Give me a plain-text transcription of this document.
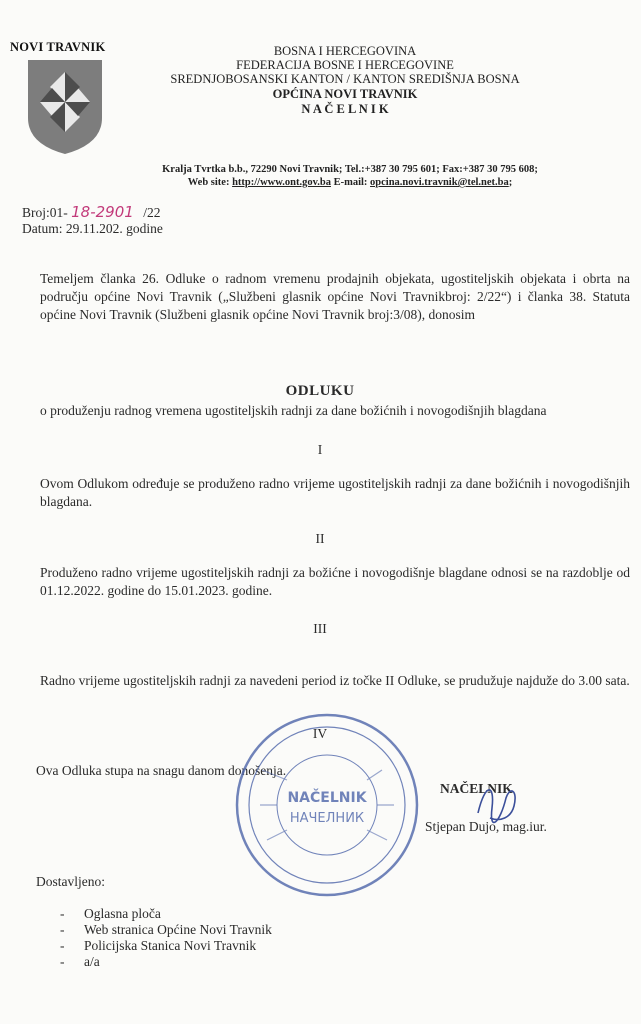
NOVI TRAVNIK	BOSNA I HERCEGOVINA
FEDERACIJA BOSNE I HERCEGOVINE
SREDNJOBOSANSKI KANTON / KANTON SREDIŠNJA BOSNA
OPĆINA NOVI TRAVNIK
N A Č E L N I K
Kralja Tvrtka b.b., 72290 Novi Travnik; Tel.:+387 30 795 601; Fax:+387 30 795 608;
Web site: http://www.ont.gov.ba E-mail: opcina.novi.travnik@tel.net.ba;
Broj:01- 18-2901 /22
Datum: 29.11.202. godine
Temeljem članka 26. Odluke o radnom vremenu prodajnih objekata, ugostiteljskih objekata i obrta na području općine Novi Travnik („Službeni glasnik općine Novi Travnikbroj: 2/22“) i članka 38. Statuta općine Novi Travnik (Službeni glasnik općine Novi Travnik broj:3/08), donosim
ODLUKU
o produženju radnog vremena ugostiteljskih radnji za dane božićnih i novogodišnjih blagdana
I
Ovom Odlukom određuje se produženo radno vrijeme ugostiteljskih radnji za dane božićnih i novogodišnjih blagdana.
II
Produženo radno vrijeme ugostiteljskih radnji za božićne i novogodišnje blagdane odnosi se na razdoblje od 01.12.2022. godine do 15.01.2023. godine.
III
Radno vrijeme ugostiteljskih radnji za navedeni period iz točke II Odluke, se prudužuje najduže do 3.00 sata.
IV
Ova Odluka stupa na snagu danom donošenja.
NAČELNIK
НАЧЕЛНИК
NAČELNIK
Stjepan Dujo, mag.iur.
Dostavljeno:
- Oglasna ploča
- Web stranica Općine Novi Travnik
- Policijska Stanica Novi Travnik
- a/a
